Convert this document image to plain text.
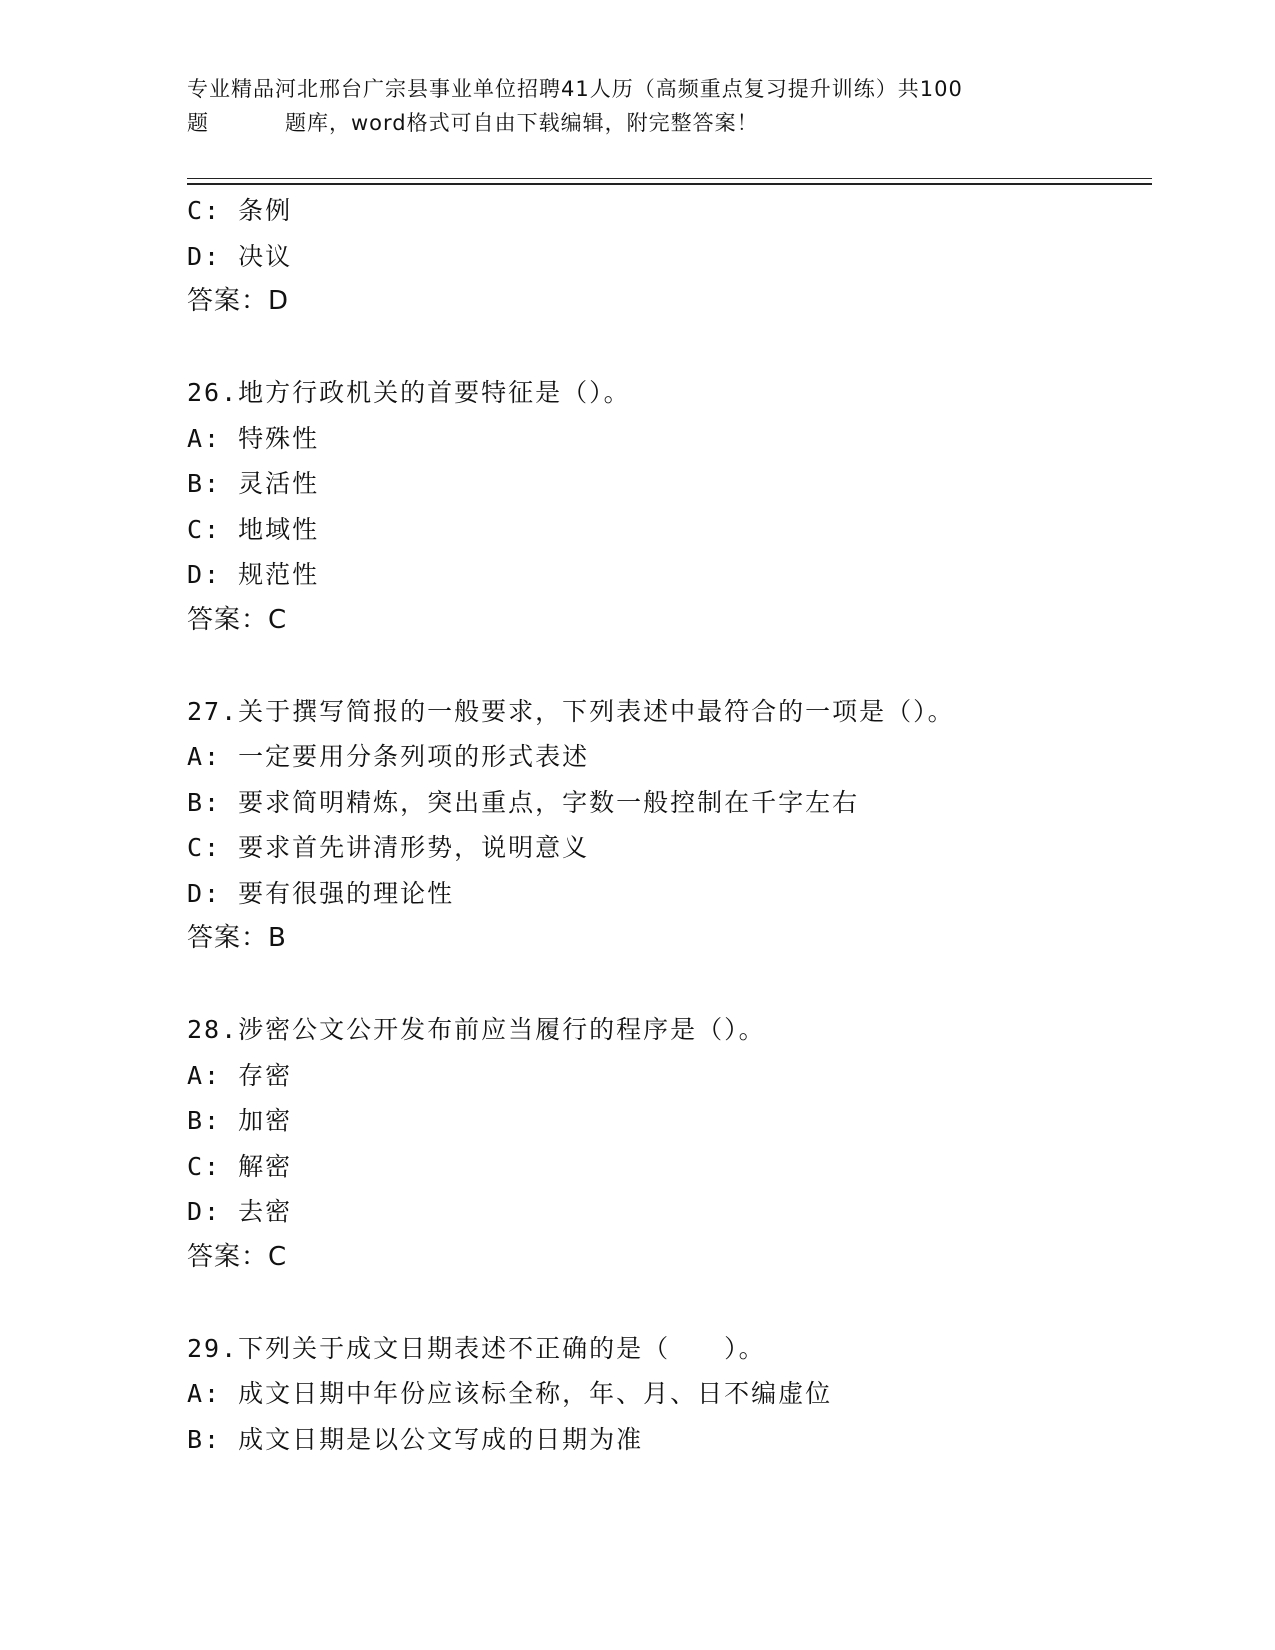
专业精品河北邢台广宗县事业单位招聘41人历（高频重点复习提升训练）共100
题	题库，word格式可自由下载编辑，附完整答案！
C: 条例
D: 决议
答案：D
26.地方行政机关的首要特征是（）。
A: 特殊性
B: 灵活性
C: 地域性
D: 规范性
答案：C
27.关于撰写简报的一般要求，下列表述中最符合的一项是（）。
A: 一定要用分条列项的形式表述
B: 要求简明精炼，突出重点，字数一般控制在千字左右
C: 要求首先讲清形势，说明意义
D: 要有很强的理论性
答案：B
28.涉密公文公开发布前应当履行的程序是（）。
A: 存密
B: 加密
C: 解密
D: 去密
答案：C
29.下列关于成文日期表述不正确的是（　　）。
A: 成文日期中年份应该标全称，年、月、日不编虚位
B: 成文日期是以公文写成的日期为准
